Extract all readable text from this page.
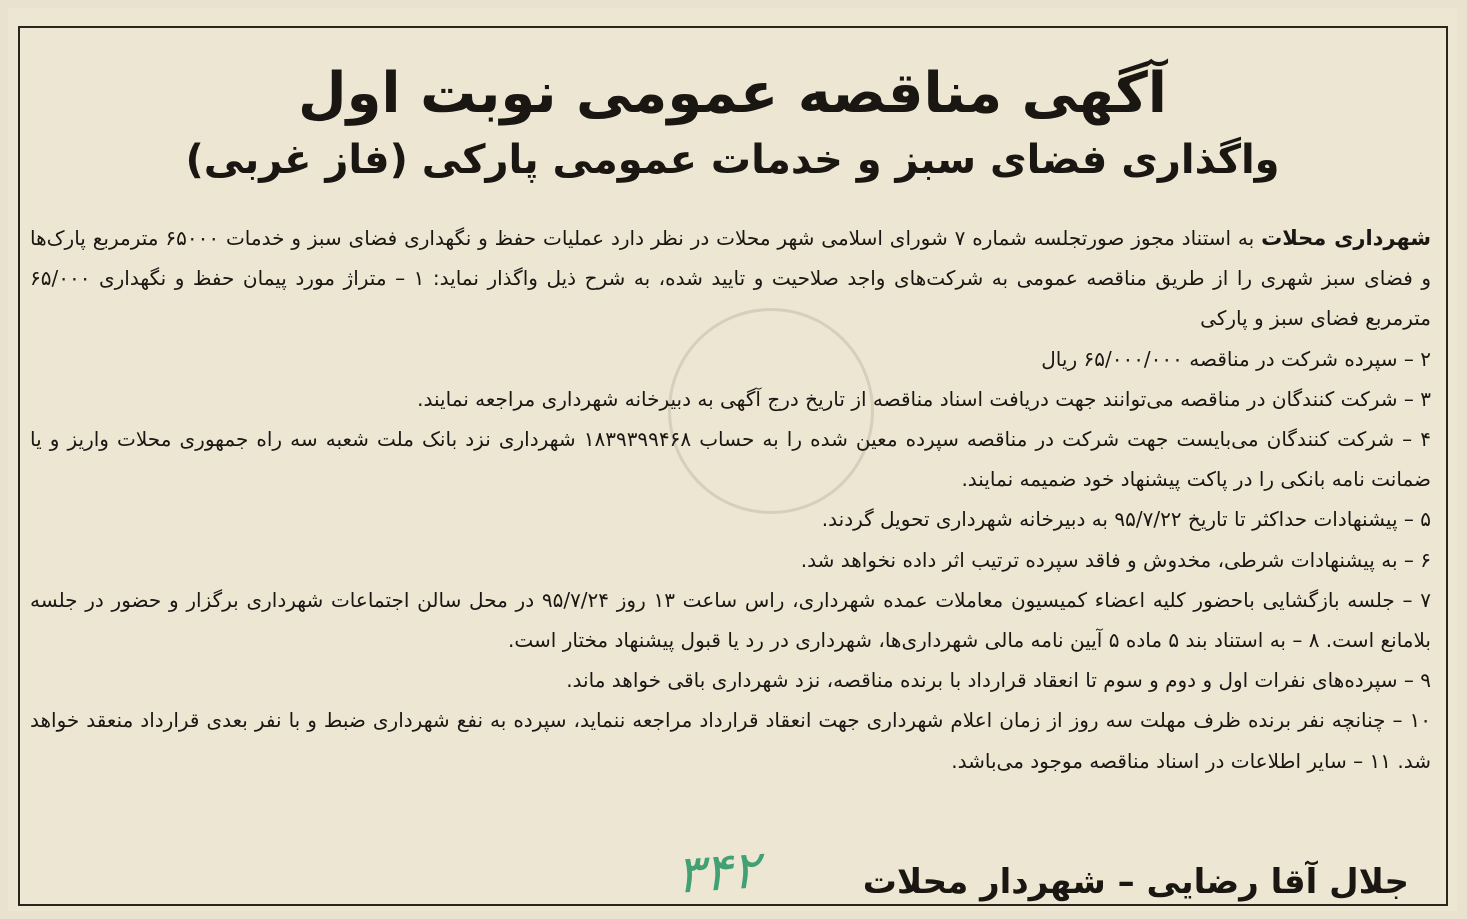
آگهی مناقصه عمومی نوبت اول
واگذاری فضای سبز و خدمات عمومی پارکی (فاز غربی)

شهرداری محلات به استناد مجوز صورتجلسه شماره ۷ شورای اسلامی شهر محلات در نظر دارد عملیات حفظ و نگهداری فضای سبز و خدمات ۶۵۰۰۰ مترمربع پارک‌ها و فضای سبز شهری را از طریق مناقصه عمومی به شرکت‌های واجد صلاحیت و تایید شده، به شرح ذیل واگذار نماید: ۱ – متراژ مورد پیمان حفظ و نگهداری ۶۵/۰۰۰ مترمربع فضای سبز و پارکی

۲ – سپرده شرکت در مناقصه ۶۵/۰۰۰/۰۰۰ ریال

۳ – شرکت کنندگان در مناقصه می‌توانند جهت دریافت اسناد مناقصه از تاریخ درج آگهی به دبیرخانه شهرداری مراجعه نمایند.

۴ – شرکت کنندگان می‌بایست جهت شرکت در مناقصه سپرده معین شده را به حساب ۱۸۳۹۳۹۹۴۶۸ شهرداری نزد بانک ملت شعبه سه راه جمهوری محلات واریز و یا ضمانت نامه بانکی را در پاکت پیشنهاد خود ضمیمه نمایند.

۵ – پیشنهادات حداکثر تا تاریخ ۹۵/۷/۲۲ به دبیرخانه شهرداری تحویل گردند.

۶ – به پیشنهادات شرطی، مخدوش و فاقد سپرده ترتیب اثر داده نخواهد شد.

۷ – جلسه بازگشایی باحضور کلیه اعضاء کمیسیون معاملات عمده شهرداری، راس ساعت ۱۳ روز ۹۵/۷/۲۴ در محل سالن اجتماعات شهرداری برگزار و حضور در جلسه بلامانع است. ۸ – به استناد بند ۵ ماده ۵ آیین نامه مالی شهرداری‌ها، شهرداری در رد یا قبول پیشنهاد مختار است.

۹ – سپرده‌های نفرات اول و دوم و سوم تا انعقاد قرارداد با برنده مناقصه، نزد شهرداری باقی خواهد ماند.

۱۰ – چنانچه نفر برنده ظرف مهلت سه روز از زمان اعلام شهرداری جهت انعقاد قرارداد مراجعه ننماید، سپرده به نفع شهرداری ضبط و با نفر بعدی قرارداد منعقد خواهد شد. ۱۱ – سایر اطلاعات در اسناد مناقصه موجود می‌باشد.

جلال آقا رضایی – شهردار محلات
۳۴۲
